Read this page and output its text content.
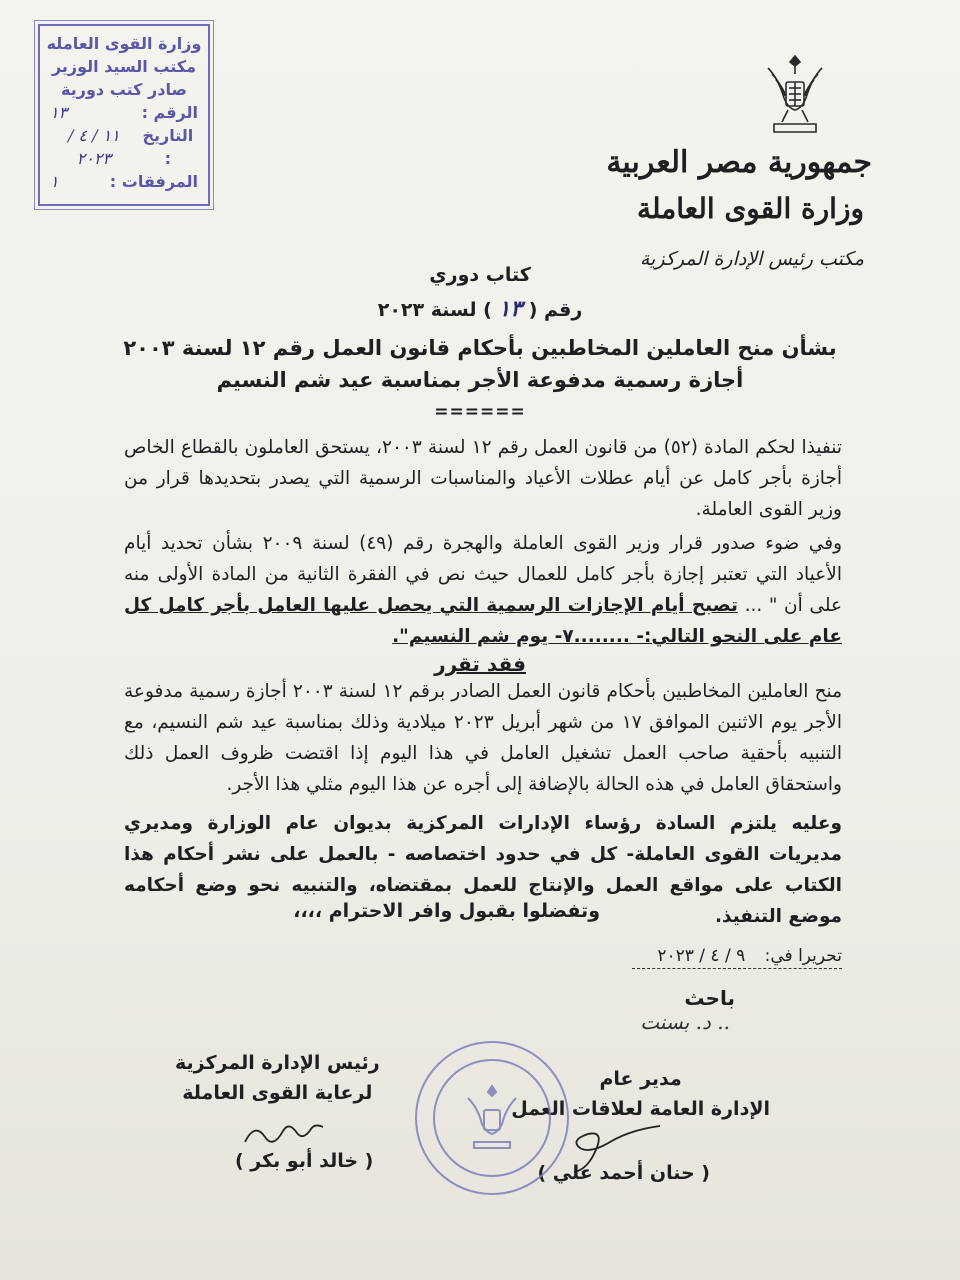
وزارة القوى العامله
مكتب السيد الوزير
صادر كتب دورية
الرقم :
١٣
التاريخ :
١١ / ٤ / ٢٠٢٣
المرفقات :
١
جمهورية مصر العربية
وزارة القوى العاملة
مكتب رئيس الإدارة المركزية
كتاب دوري
رقم ( ١٣ ) لسنة ٢٠٢٣
بشأن منح العاملين المخاطبين بأحكام قانون العمل رقم ١٢ لسنة ٢٠٠٣
أجازة رسمية مدفوعة الأجر بمناسبة عيد شم النسيم
======
تنفيذا لحكم المادة (٥٢) من قانون العمل رقم ١٢ لسنة ٢٠٠٣، يستحق العاملون بالقطاع الخاص أجازة بأجر كامل عن أيام عطلات الأعياد والمناسبات الرسمية التي يصدر بتحديدها قرار من وزير القوى العاملة.
وفي ضوء صدور قرار وزير القوى العاملة والهجرة رقم (٤٩) لسنة ٢٠٠٩ بشأن تحديد أيام الأعياد التي تعتبر إجازة بأجر كامل للعمال حيث نص في الفقرة الثانية من المادة الأولى منه على أن " ... تصبح أيام الإجازات الرسمية التي يحصل عليها العامل بأجر كامل كل عام على النحو التالي:- ........٧- يوم شم النسيم".
فقد تقرر
منح العاملين المخاطبين بأحكام قانون العمل الصادر برقم ١٢ لسنة ٢٠٠٣ أجازة رسمية مدفوعة الأجر يوم الاثنين الموافق ١٧ من شهر أبريل ٢٠٢٣ ميلادية وذلك بمناسبة عيد شم النسيم، مع التنبيه بأحقية صاحب العمل تشغيل العامل في هذا اليوم إذا اقتضت ظروف العمل ذلك واستحقاق العامل في هذه الحالة بالإضافة إلى أجره عن هذا اليوم مثلي هذا الأجر.
وعليه يلتزم السادة رؤساء الإدارات المركزية بديوان عام الوزارة ومديري مديريات القوى العاملة- كل في حدود اختصاصه - بالعمل على نشر أحكام هذا الكتاب على مواقع العمل والإنتاج للعمل بمقتضاه، والتنبيه نحو وضع أحكامه موضع التنفيذ.
وتفضلوا بقبول وافر الاحترام ،،،،
تحريرا في: ٩ / ٤ / ٢٠٢٣
باحث
د. بسنت ..
مدير عام
الإدارة العامة لعلاقات العمل
( حنان أحمد علي )
رئيس الإدارة المركزية
لرعاية القوى العاملة
( خالد أبو بكر )
